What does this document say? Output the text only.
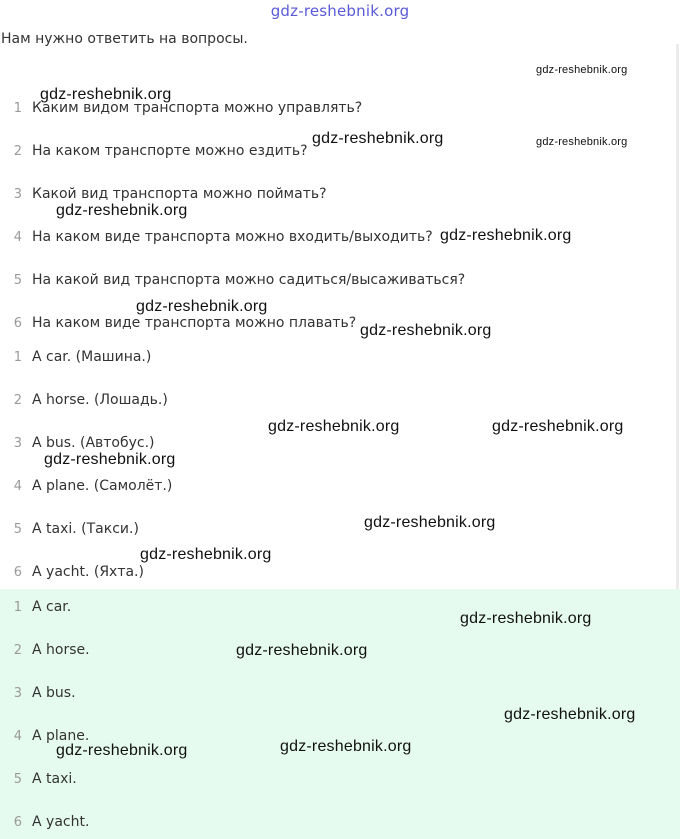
gdz-reshebnik.org
Нам нужно ответить на вопросы.
1 Каким видом транспорта можно управлять?
2 На каком транспорте можно ездить?
3 Какой вид транспорта можно поймать?
4 На каком виде транспорта можно входить/выходить?
5 На какой вид транспорта можно садиться/высаживаться?
6 На каком виде транспорта можно плавать?
1 A car. (Машина.)
2 A horse. (Лошадь.)
3 A bus. (Автобус.)
4 A plane. (Самолёт.)
5 A taxi. (Такси.)
6 A yacht. (Яхта.)
1 A car.
2 A horse.
3 A bus.
4 A plane.
5 A taxi.
6 A yacht.
gdz-reshebnik.org
gdz-reshebnik.org
gdz-reshebnik.org	gdz-reshebnik.org
gdz-reshebnik.org
gdz-reshebnik.org
gdz-reshebnik.org
gdz-reshebnik.org
gdz-reshebnik.org	gdz-reshebnik.org
gdz-reshebnik.org
gdz-reshebnik.org
gdz-reshebnik.org
gdz-reshebnik.org
gdz-reshebnik.org
gdz-reshebnik.org
gdz-reshebnik.org	gdz-reshebnik.org
